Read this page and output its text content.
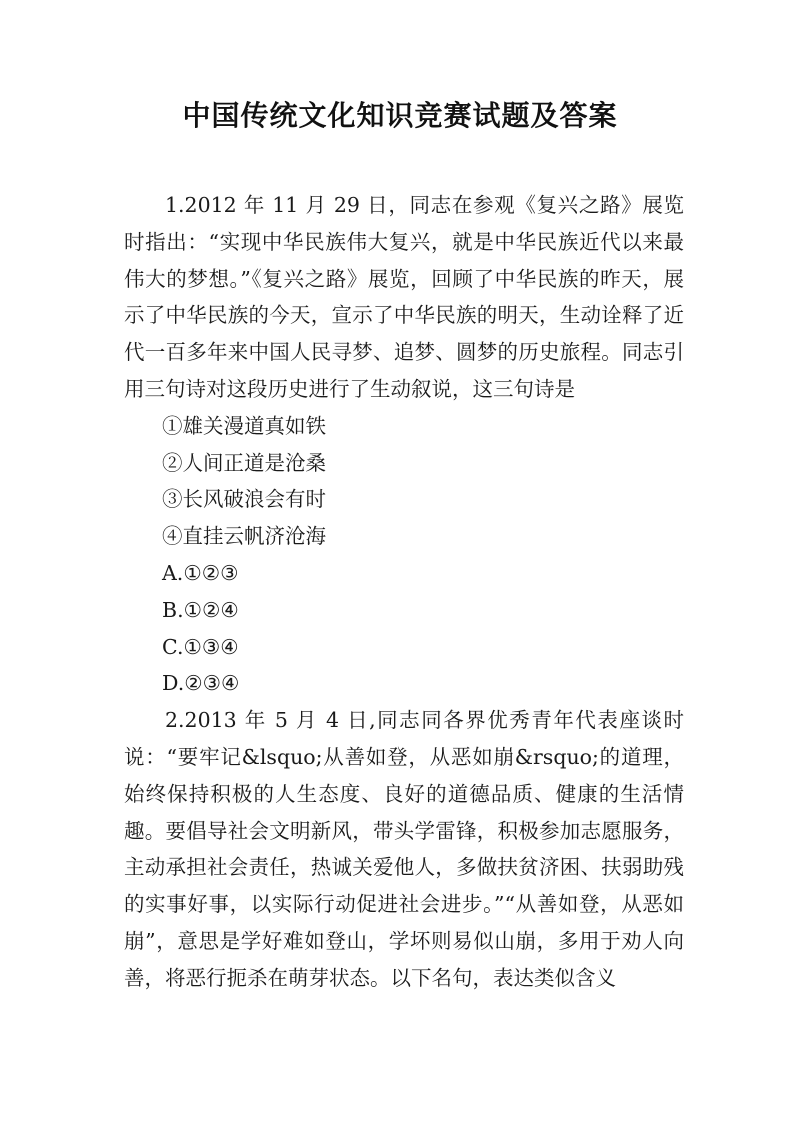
中国传统文化知识竞赛试题及答案

1.2012 年 11 月 29 日，同志在参观《复兴之路》展览时指出：“实现中华民族伟大复兴，就是中华民族近代以来最伟大的梦想。”《复兴之路》展览，回顾了中华民族的昨天，展示了中华民族的今天，宣示了中华民族的明天，生动诠释了近代一百多年来中国人民寻梦、追梦、圆梦的历史旅程。同志引用三句诗对这段历史进行了生动叙说，这三句诗是

①雄关漫道真如铁

②人间正道是沧桑

③长风破浪会有时

④直挂云帆济沧海

A.①②③

B.①②④

C.①③④

D.②③④

2.2013 年 5 月 4 日,同志同各界优秀青年代表座谈时说：“要牢记&lsquo;从善如登，从恶如崩&rsquo;的道理，始终保持积极的人生态度、良好的道德品质、健康的生活情趣。要倡导社会文明新风，带头学雷锋，积极参加志愿服务，主动承担社会责任，热诚关爱他人，多做扶贫济困、扶弱助残的实事好事，以实际行动促进社会进步。”“从善如登，从恶如崩”，意思是学好难如登山，学坏则易似山崩，多用于劝人向善，将恶行扼杀在萌芽状态。以下名句，表达类似含义
